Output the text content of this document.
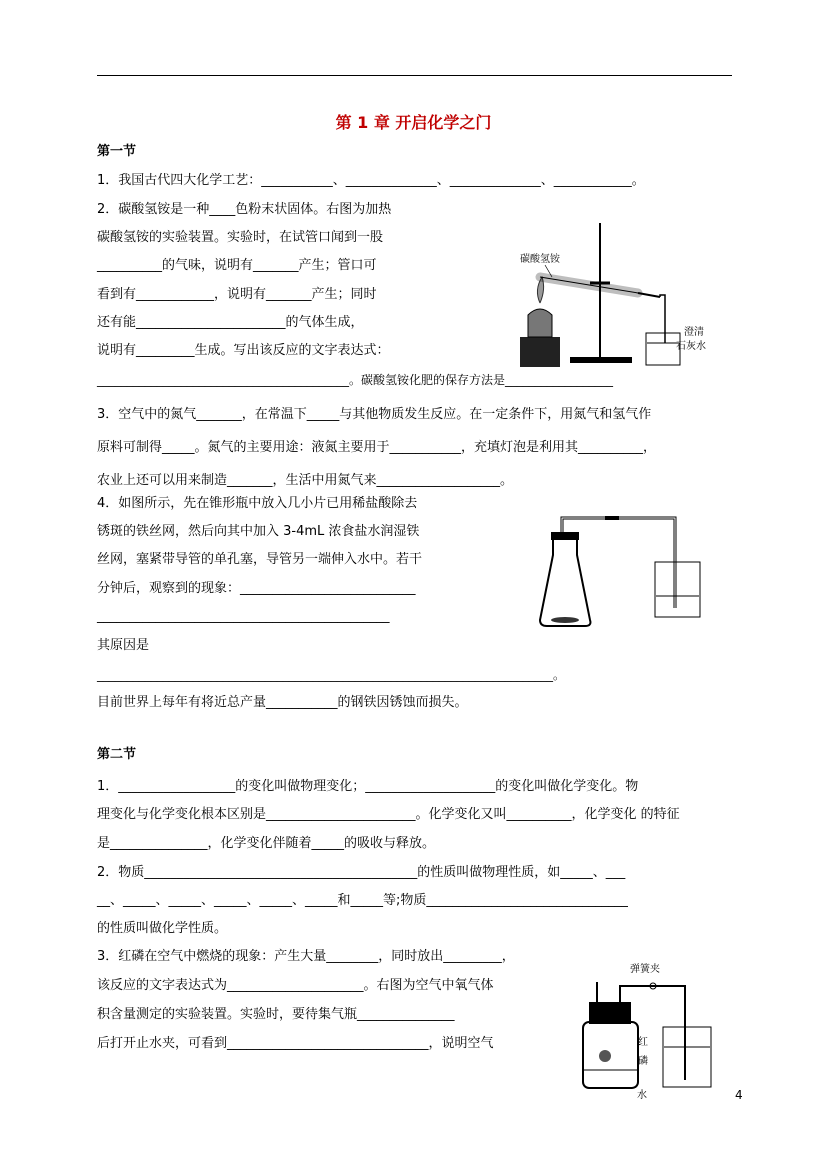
第 1 章 开启化学之门
第一节
1．我国古代四大化学工艺：___________、______________、______________、____________。
2．碳酸氢铵是一种____色粉末状固体。右图为加热
碳酸氢铵的实验装置。实验时，在试管口闻到一股
__________的气味，说明有_______产生；管口可
看到有____________，说明有_______产生；同时
还有能_______________________的气体生成，
说明有_________生成。写出该反应的文字表达式：
__________________________________________。碳酸氢铵化肥的保存方法是__________________
3．空气中的氮气_______，在常温下_____与其他物质发生反应。在一定条件下，用氮气和氢气作
原料可制得_____。氮气的主要用途：液氮主要用于___________，充填灯泡是利用其__________，
农业上还可以用来制造_______，生活中用氮气来___________________。
4．如图所示，先在锥形瓶中放入几小片已用稀盐酸除去
锈斑的铁丝网，然后向其中加入 3-4mL 浓食盐水润湿铁
丝网，塞紧带导管的单孔塞，导管另一端伸入水中。若干
分钟后，观察到的现象：___________________________
_____________________________________________
其原因是
____________________________________________________________________________。
目前世界上每年有将近总产量___________的钢铁因锈蚀而损失。
第二节
1．__________________的变化叫做物理变化；____________________的变化叫做化学变化。物
理变化与化学变化根本区别是_______________________。化学变化又叫__________，化学变化 的特征
是_______________，化学变化伴随着_____的吸收与释放。
2．物质__________________________________________的性质叫做物理性质，如_____、___
__、_____、_____、_____、_____、_____和_____等;物质_______________________________
的性质叫做化学性质。
3．红磷在空气中燃烧的现象：产生大量________，同时放出_________，
该反应的文字表达式为_____________________。右图为空气中氧气体
积含量测定的实验装置。实验时，要待集气瓶_______________
后打开止水夹，可看到_______________________________，说明空气
4
碳酸氢铵
澄清
石灰水
弹簧夹
红
磷
水
